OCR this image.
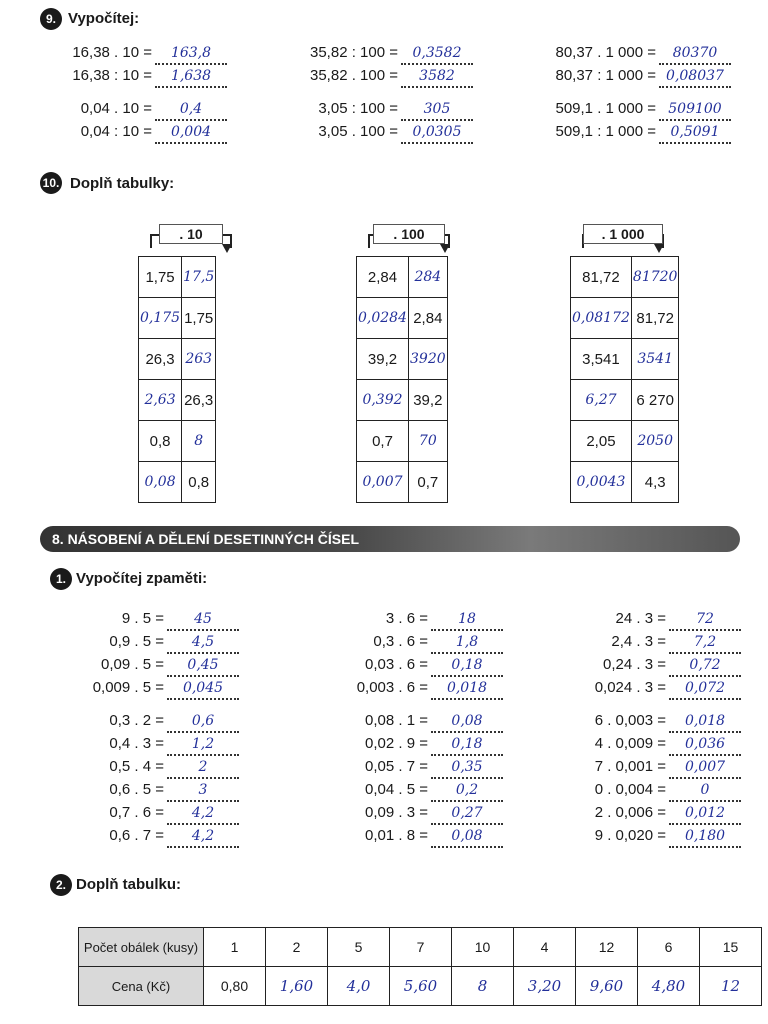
9. Vypočítej:
16,38 . 10 =	163,8
16,38 : 10 =	1,638
0,04 . 10 =	0,4
0,04 : 10 =	0,004
35,82 : 100 =	0,3582
35,82 . 100 =	3582
3,05 : 100 =	305
3,05 . 100 =	0,0305
80,37 . 1 000 =	80370
80,37 : 1 000 = 0,08037
509,1 . 1 000 = 509100
509,1 : 1 000 =	0,5091
10. Doplň tabulky:
. 10
1,75	17,5
0,175	1,75
26,3	263
2,63	26,3
0,8	8
0,08	0,8
. 100
2,84	284
0,0284	2,84
39,2	3920
0,392	39,2
0,7	70
0,007	0,7
. 1 000
81,72	81720
0,08172	81,72
3,541	3541
6,27	6 270
2,05	2050
0,0043	4,3
8. NÁSOBENÍ A DĚLENÍ DESETINNÝCH ČÍSEL
1. Vypočítej zpaměti:
9 . 5 =	45
0,9 . 5 =	4,5
0,09 . 5 =	0,45
0,009 . 5 =	0,045
0,3 . 2 =	0,6
0,4 . 3 =	1,2
0,5 . 4 =	2
0,6 . 5 =	3
0,7 . 6 =	4,2
0,6 . 7 =	4,2
3 . 6 =	18
0,3 . 6 =	1,8
0,03 . 6 =	0,18
0,003 . 6 =	0,018
0,08 . 1 =	0,08
0,02 . 9 =	0,18
0,05 . 7 =	0,35
0,04 . 5 =	0,2
0,09 . 3 =	0,27
0,01 . 8 =	0,08
24 . 3 =	72
2,4 . 3 =	7,2
0,24 . 3 =	0,72
0,024 . 3 =	0,072
6 . 0,003 =	0,018
4 . 0,009 =	0,036
7 . 0,001 =	0,007
0 . 0,004 =	0
2 . 0,006 =	0,012
9 . 0,020 =	0,180
2. Doplň tabulku:
Počet obálek (kusy)	1	2	5	7	10	4	12	6	15
Cena (Kč)	0,80	1,60	4,0	5,60	8	3,20	9,60	4,80	12
